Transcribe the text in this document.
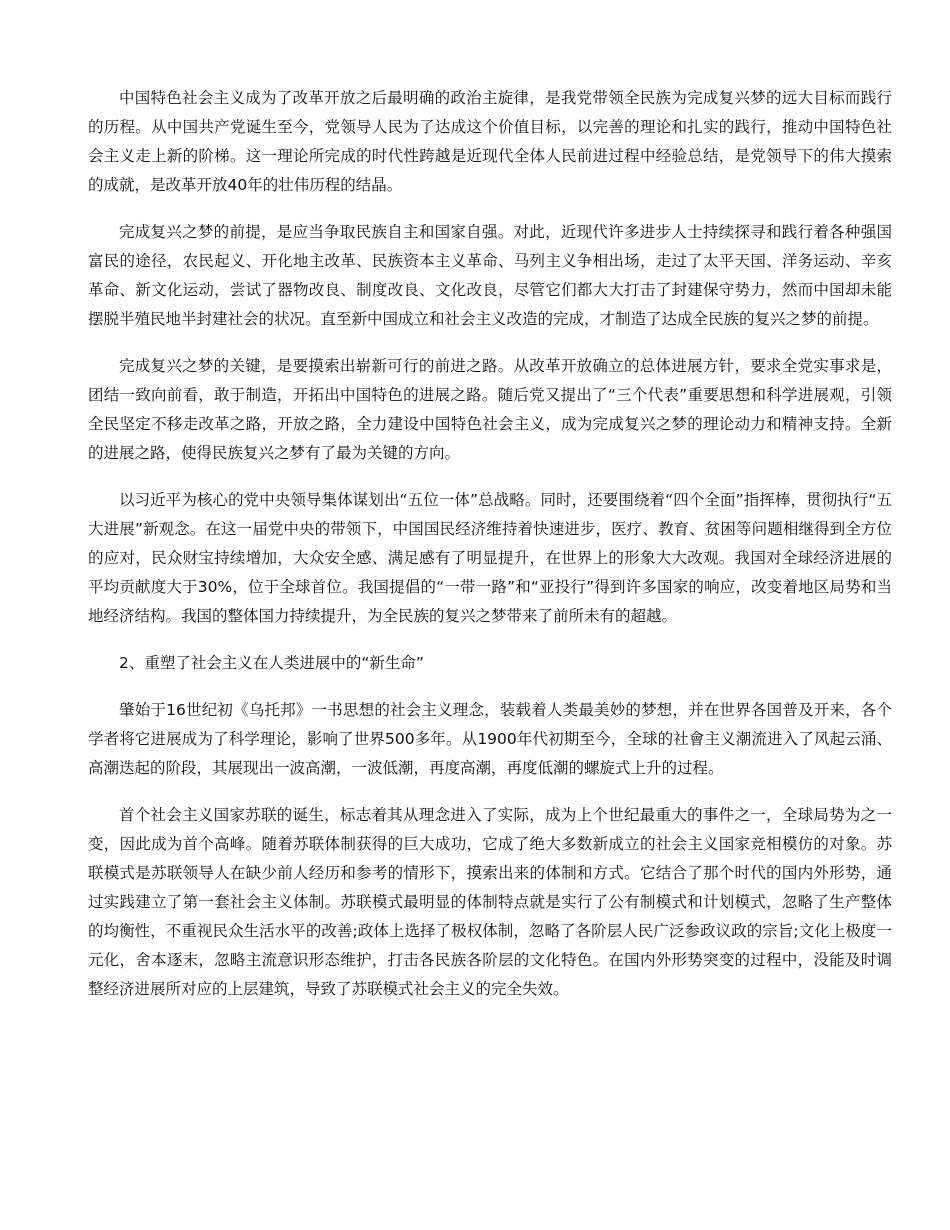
中国特色社会主义成为了改革开放之后最明确的政治主旋律，是我党带领全民族为完成复兴梦的远大目标而践行的历程。从中国共产党诞生至今，党领导人民为了达成这个价值目标，以完善的理论和扎实的践行，推动中国特色社会主义走上新的阶梯。这一理论所完成的时代性跨越是近现代全体人民前进过程中经验总结，是党领导下的伟大摸索的成就，是改革开放40年的壮伟历程的结晶。

完成复兴之梦的前提，是应当争取民族自主和国家自强。对此，近现代许多进步人士持续探寻和践行着各种强国富民的途径，农民起义、开化地主改革、民族资本主义革命、马列主义争相出场，走过了太平天国、洋务运动、辛亥革命、新文化运动，尝试了器物改良、制度改良、文化改良，尽管它们都大大打击了封建保守势力，然而中国却未能摆脱半殖民地半封建社会的状况。直至新中国成立和社会主义改造的完成，才制造了达成全民族的复兴之梦的前提。

完成复兴之梦的关键，是要摸索出崭新可行的前进之路。从改革开放确立的总体进展方针，要求全党实事求是，团结一致向前看，敢于制造，开拓出中国特色的进展之路。随后党又提出了“三个代表”重要思想和科学进展观，引领全民坚定不移走改革之路，开放之路，全力建设中国特色社会主义，成为完成复兴之梦的理论动力和精神支持。全新的进展之路，使得民族复兴之梦有了最为关键的方向。

以习近平为核心的党中央领导集体谋划出“五位一体”总战略。同时，还要围绕着“四个全面”指挥棒，贯彻执行“五大进展”新观念。在这一届党中央的带领下，中国国民经济维持着快速进步，医疗、教育、贫困等问题相继得到全方位的应对，民众财宝持续增加，大众安全感、满足感有了明显提升，在世界上的形象大大改观。我国对全球经济进展的平均贡献度大于30%，位于全球首位。我国提倡的“一带一路”和“亚投行”得到许多国家的响应，改变着地区局势和当地经济结构。我国的整体国力持续提升，为全民族的复兴之梦带来了前所未有的超越。

2、重塑了社会主义在人类进展中的“新生命”

肇始于16世纪初《乌托邦》一书思想的社会主义理念，装载着人类最美妙的梦想，并在世界各国普及开来，各个学者将它进展成为了科学理论，影响了世界500多年。从1900年代初期至今，全球的社會主义潮流进入了风起云涌、高潮迭起的阶段，其展现出一波高潮，一波低潮，再度高潮，再度低潮的螺旋式上升的过程。

首个社会主义国家苏联的诞生，标志着其从理念进入了实际，成为上个世纪最重大的事件之一，全球局势为之一变，因此成为首个高峰。随着苏联体制获得的巨大成功，它成了绝大多数新成立的社会主义国家竞相模仿的对象。苏联模式是苏联领导人在缺少前人经历和参考的情形下，摸索出来的体制和方式。它结合了那个时代的国内外形势，通过实践建立了第一套社会主义体制。苏联模式最明显的体制特点就是实行了公有制模式和计划模式，忽略了生产整体的均衡性，不重视民众生活水平的改善;政体上选择了极权体制，忽略了各阶层人民广泛参政议政的宗旨;文化上极度一元化，舍本逐末，忽略主流意识形态维护，打击各民族各阶层的文化特色。在国内外形势突变的过程中，没能及时调整经济进展所对应的上层建筑，导致了苏联模式社会主义的完全失效。
